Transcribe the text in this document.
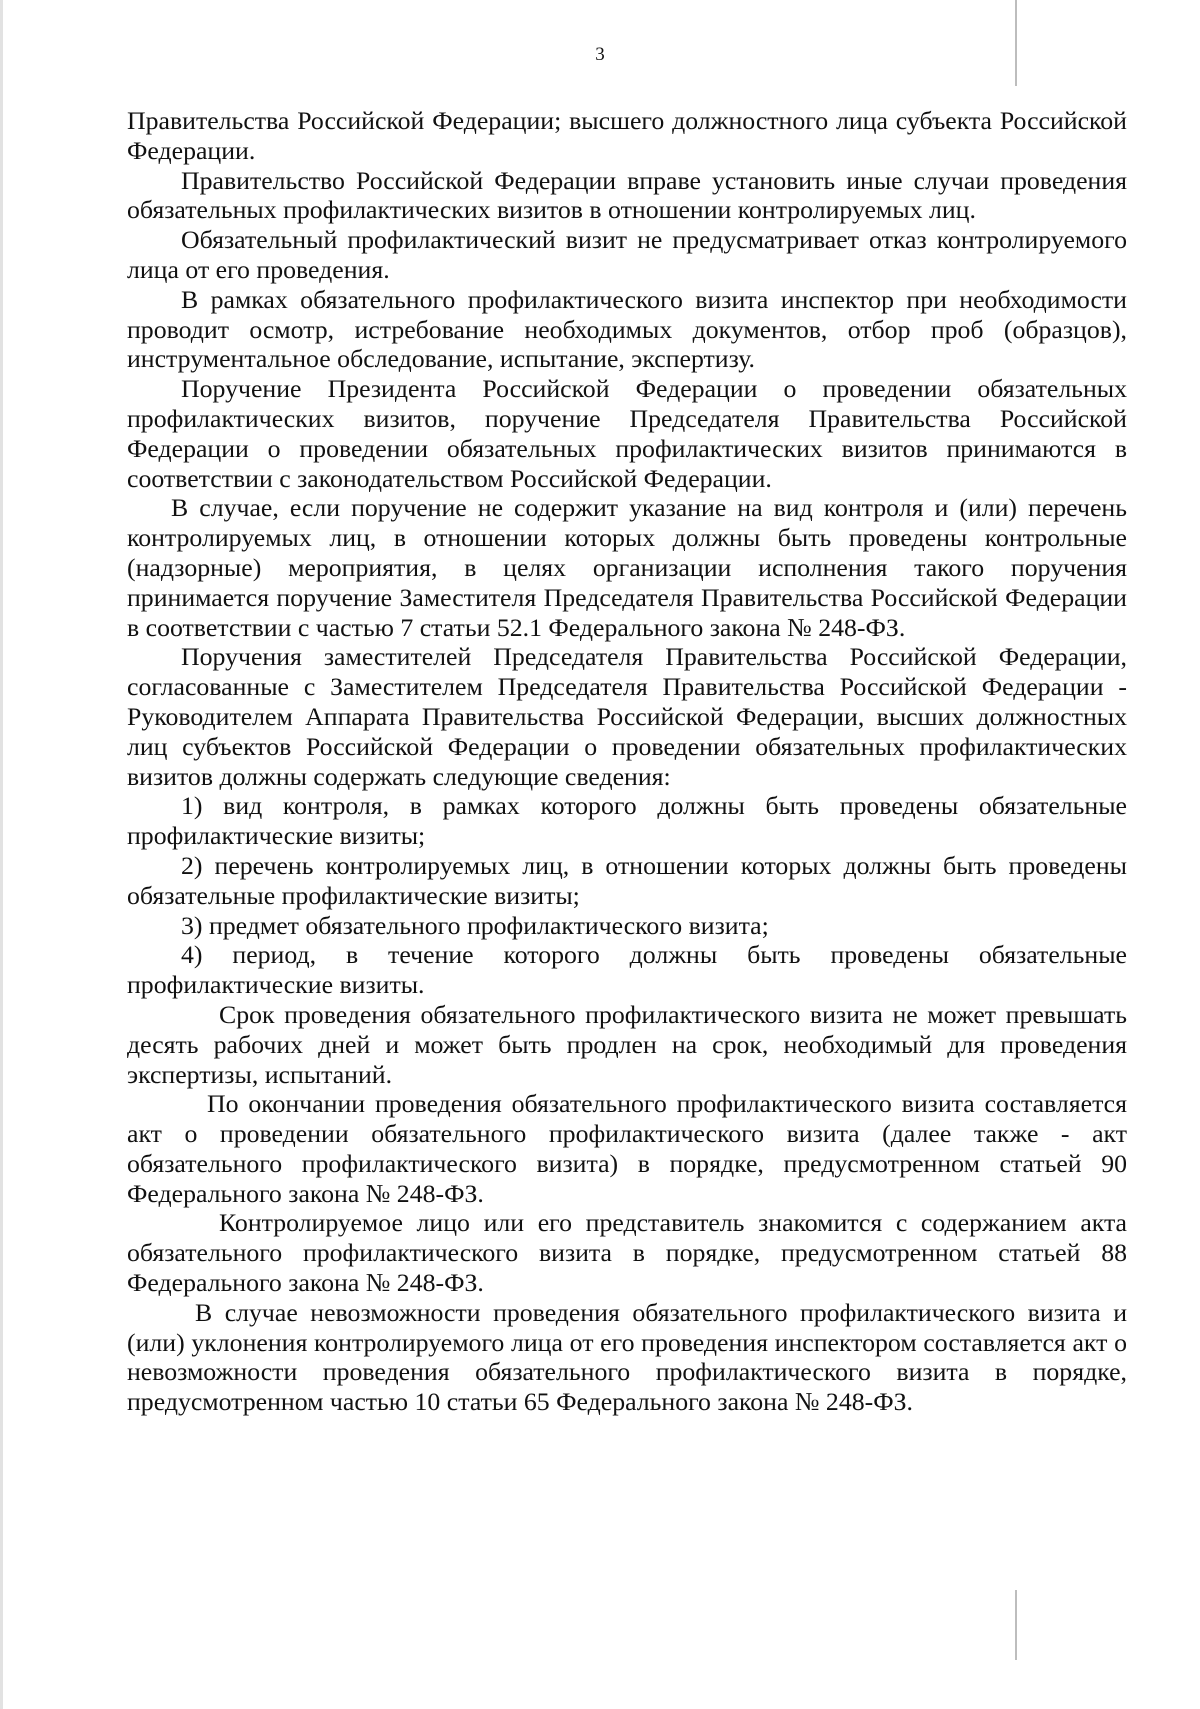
3

Правительства Российской Федерации; высшего должностного лица субъекта Российской Федерации.

Правительство Российской Федерации вправе установить иные случаи проведения обязательных профилактических визитов в отношении контролируемых лиц.

Обязательный профилактический визит не предусматривает отказ контролируемого лица от его проведения.

В рамках обязательного профилактического визита инспектор при необходимости проводит осмотр, истребование необходимых документов, отбор проб (образцов), инструментальное обследование, испытание, экспертизу.

Поручение Президента Российской Федерации о проведении обязательных профилактических визитов, поручение Председателя Правительства Российской Федерации о проведении обязательных профилактических визитов принимаются в соответствии с законодательством Российской Федерации.

В случае, если поручение не содержит указание на вид контроля и (или) перечень контролируемых лиц, в отношении которых должны быть проведены контрольные (надзорные) мероприятия, в целях организации исполнения такого поручения принимается поручение Заместителя Председателя Правительства Российской Федерации в соответствии с частью 7 статьи 52.1 Федерального закона № 248-ФЗ.

Поручения заместителей Председателя Правительства Российской Федерации, согласованные с Заместителем Председателя Правительства Российской Федерации - Руководителем Аппарата Правительства Российской Федерации, высших должностных лиц субъектов Российской Федерации о проведении обязательных профилактических визитов должны содержать следующие сведения:

1) вид контроля, в рамках которого должны быть проведены обязательные профилактические визиты;

2) перечень контролируемых лиц, в отношении которых должны быть проведены обязательные профилактические визиты;

3) предмет обязательного профилактического визита;

4) период, в течение которого должны быть проведены обязательные профилактические визиты.

Срок проведения обязательного профилактического визита не может превышать десять рабочих дней и может быть продлен на срок, необходимый для проведения экспертизы, испытаний.

По окончании проведения обязательного профилактического визита составляется акт о проведении обязательного профилактического визита (далее также - акт обязательного профилактического визита) в порядке, предусмотренном статьей 90 Федерального закона № 248-ФЗ.

Контролируемое лицо или его представитель знакомится с содержанием акта обязательного профилактического визита в порядке, предусмотренном статьей 88 Федерального закона № 248-ФЗ.

В случае невозможности проведения обязательного профилактического визита и (или) уклонения контролируемого лица от его проведения инспектором составляется акт о невозможности проведения обязательного профилактического визита в порядке, предусмотренном частью 10 статьи 65 Федерального закона № 248-ФЗ.
